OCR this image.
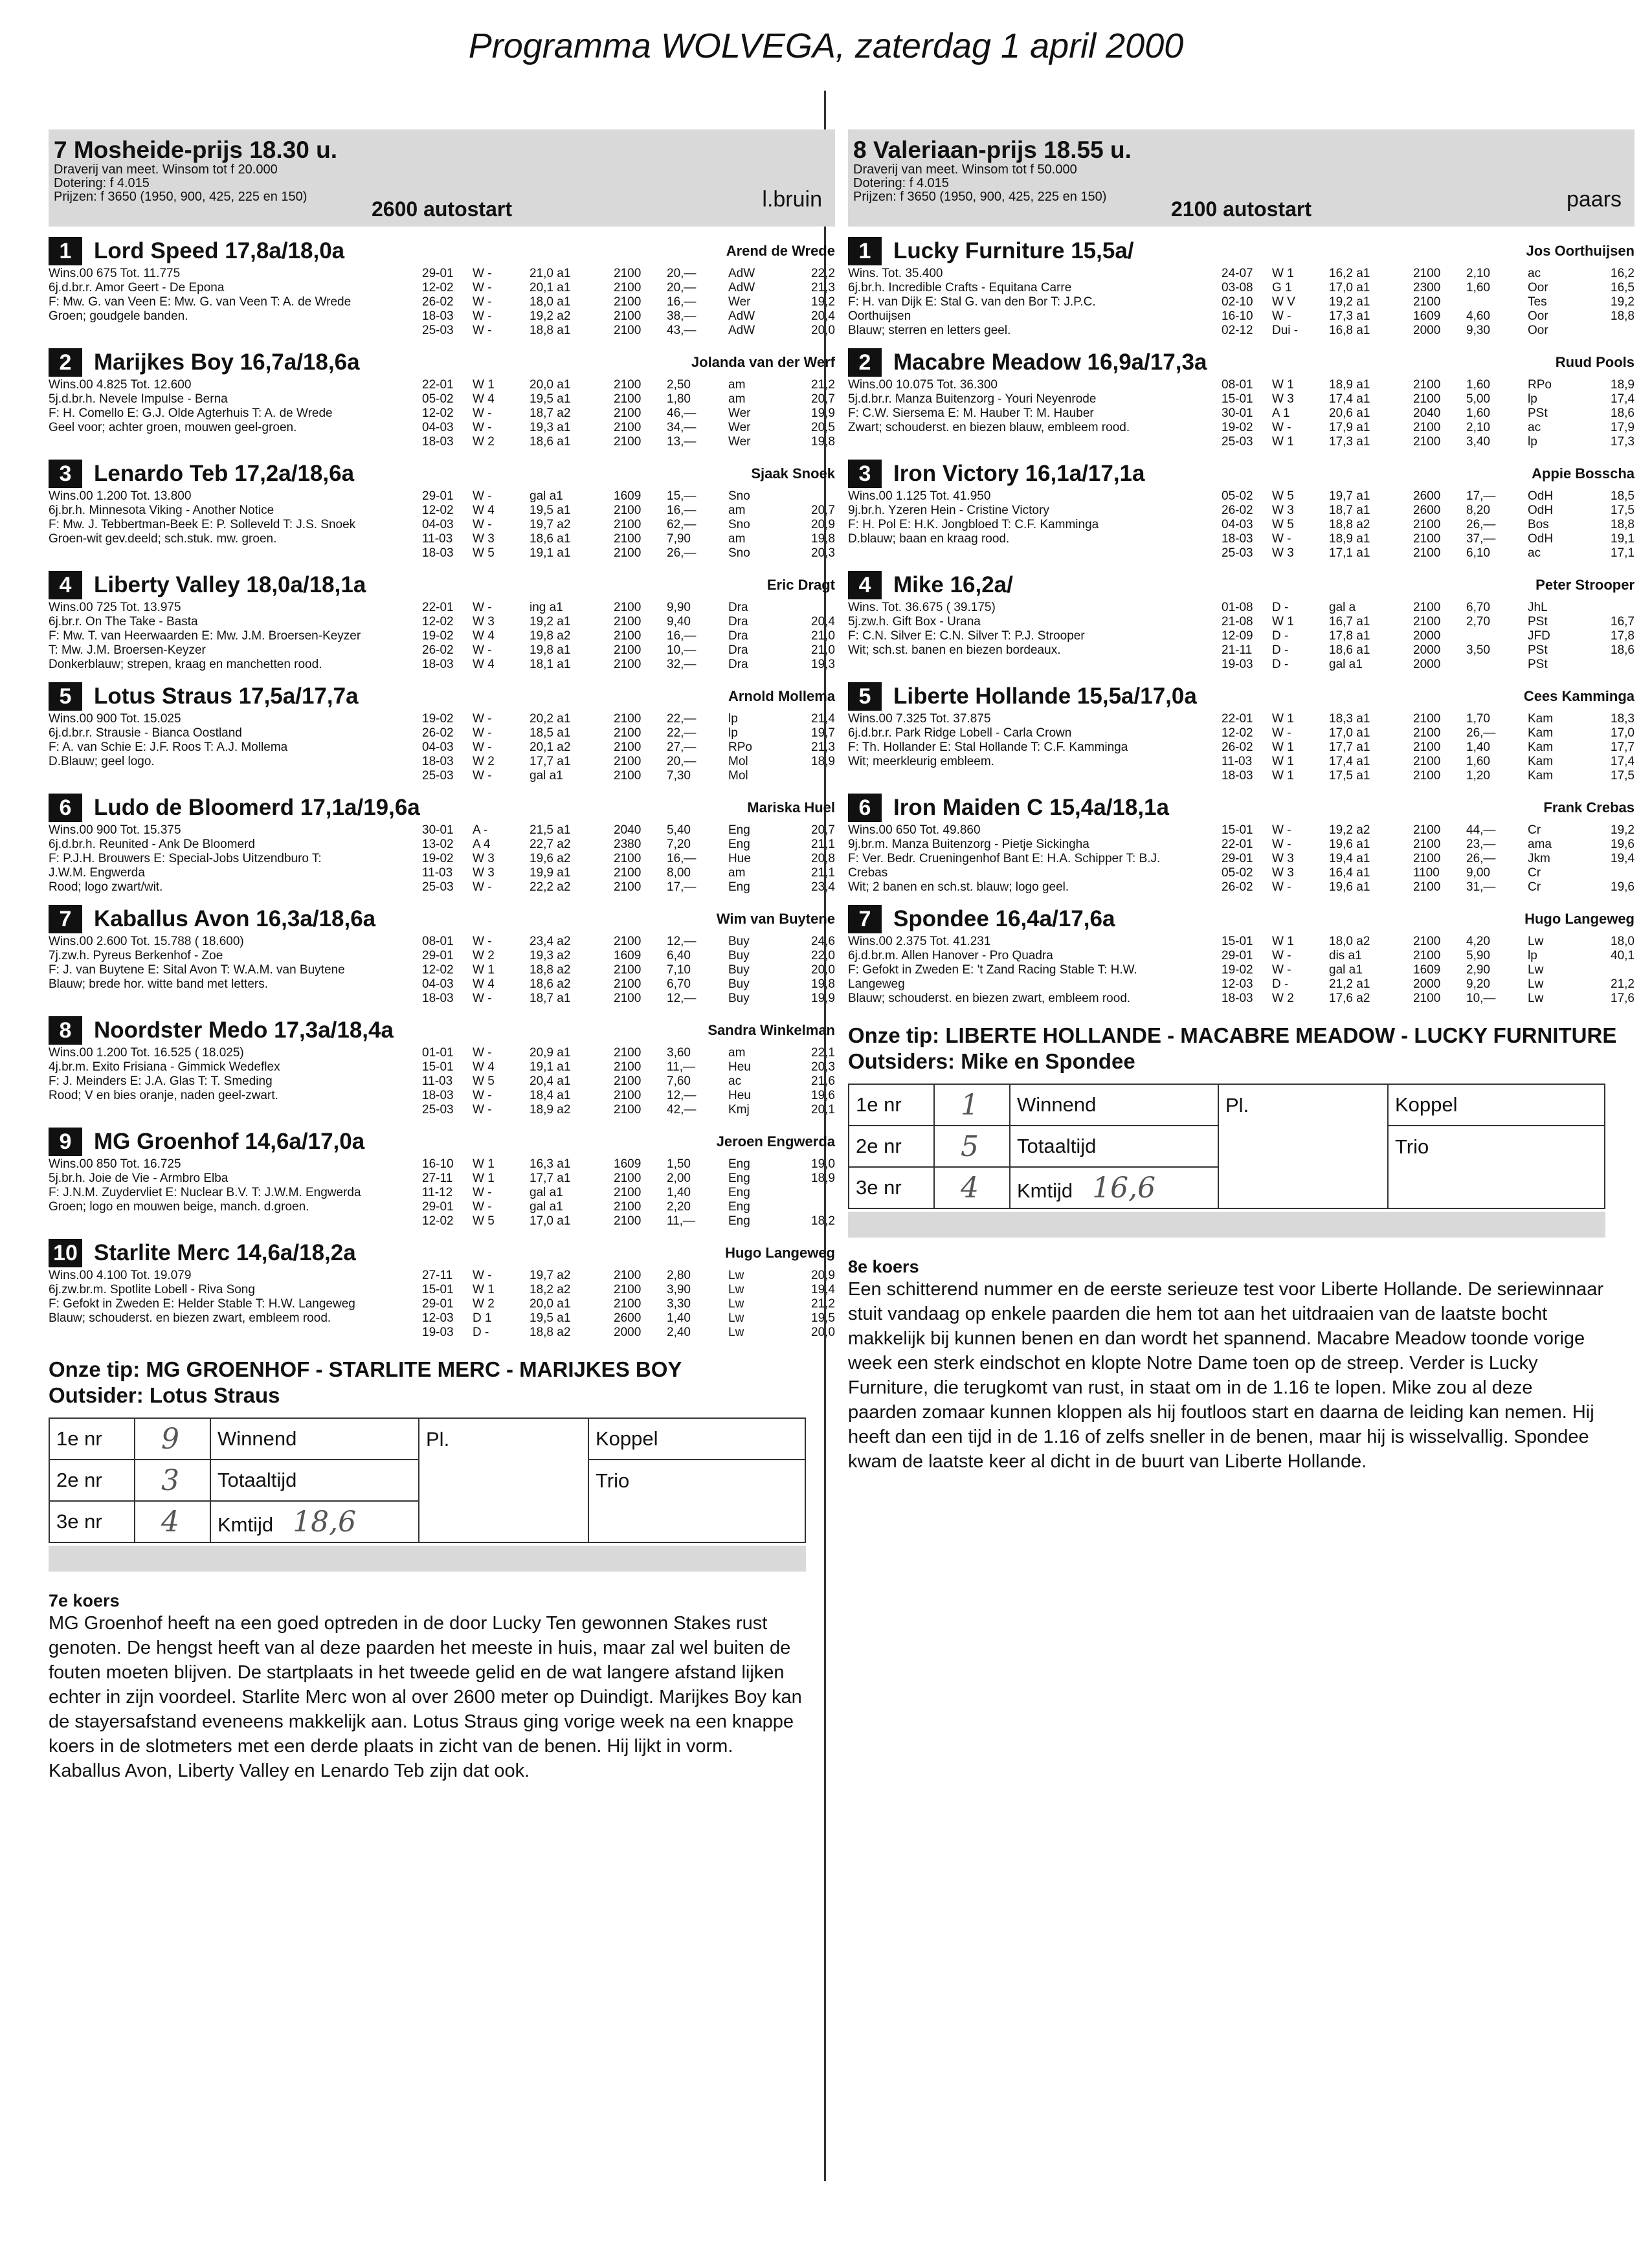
Programma WOLVEGA, zaterdag 1 april 2000
7 Mosheide-prijs 18.30 u.
Draverij van meet. Winsom tot f 20.000
Dotering: f 4.015
Prijzen: f 3650 (1950, 900, 425, 225 en 150)
2600 autostart	l.bruin
1 Lord Speed 17,8a/18,0a	Arend de Wrede
Wins.00 675 Tot. 11.775
6j.d.br.r. Amor Geert - De Epona
F: Mw. G. van Veen E: Mw. G. van Veen T: A. de Wrede
Groen; goudgele banden.
29-01	W -	21,0 a1	2100	20,—	AdW	22,2
12-02	W -	20,1 a1	2100	20,—	AdW	21,3
26-02	W -	18,0 a1	2100	16,—	Wer	19,2
18-03	W -	19,2 a2	2100	38,—	AdW	20,4
25-03	W -	18,8 a1	2100	43,—	AdW	20,0
2 Marijkes Boy 16,7a/18,6a	Jolanda van der Werf
Wins.00 4.825 Tot. 12.600
5j.d.br.h. Nevele Impulse - Berna
F: H. Comello E: G.J. Olde Agterhuis T: A. de Wrede
Geel voor; achter groen, mouwen geel-groen.
22-01	W 1	20,0 a1	2100	2,50	am	21,2
05-02	W 4	19,5 a1	2100	1,80	am	20,7
12-02	W -	18,7 a2	2100	46,—	Wer	19,9
04-03	W -	19,3 a1	2100	34,—	Wer	20,5
18-03	W 2	18,6 a1	2100	13,—	Wer	19,8
3 Lenardo Teb 17,2a/18,6a	Sjaak Snoek
Wins.00 1.200 Tot. 13.800
6j.br.h. Minnesota Viking - Another Notice
F: Mw. J. Tebbertman-Beek E: P. Solleveld T: J.S. Snoek
Groen-wit gev.deeld; sch.stuk. mw. groen.
29-01	W -	gal a1	1609	15,—	Sno
12-02	W 4	19,5 a1	2100	16,—	am	20,7
04-03	W -	19,7 a2	2100	62,—	Sno	20,9
11-03	W 3	18,6 a1	2100	7,90	am	19,8
18-03	W 5	19,1 a1	2100	26,—	Sno	20,3
4 Liberty Valley 18,0a/18,1a	Eric Dragt
Wins.00 725 Tot. 13.975
6j.br.r. On The Take - Basta
F: Mw. T. van Heerwaarden E: Mw. J.M. Broersen-Keyzer
T: Mw. J.M. Broersen-Keyzer
Donkerblauw; strepen, kraag en manchetten rood.
22-01	W -	ing a1	2100	9,90	Dra
12-02	W 3	19,2 a1	2100	9,40	Dra	20,4
19-02	W 4	19,8 a2	2100	16,—	Dra	21,0
26-02	W -	19,8 a1	2100	10,—	Dra	21,0
18-03	W 4	18,1 a1	2100	32,—	Dra	19,3
5 Lotus Straus 17,5a/17,7a	Arnold Mollema
Wins.00 900 Tot. 15.025
6j.d.br.r. Strausie - Bianca Oostland
F: A. van Schie E: J.F. Roos T: A.J. Mollema
D.Blauw; geel logo.
19-02	W -	20,2 a1	2100	22,—	lp	21,4
26-02	W -	18,5 a1	2100	22,—	lp	19,7
04-03	W -	20,1 a2	2100	27,—	RPo	21,3
18-03	W 2	17,7 a1	2100	20,—	Mol	18,9
25-03	W -	gal a1	2100	7,30	Mol
6 Ludo de Bloomerd 17,1a/19,6a	Mariska Huel
Wins.00 900 Tot. 15.375
6j.d.br.h. Reunited - Ank De Bloomerd
F: P.J.H. Brouwers E: Special-Jobs Uitzendburo T:
J.W.M. Engwerda
Rood; logo zwart/wit.
30-01	A -	21,5 a1	2040	5,40	Eng	20,7
13-02	A 4	22,7 a2	2380	7,20	Eng	21,1
19-02	W 3	19,6 a2	2100	16,—	Hue	20,8
11-03	W 3	19,9 a1	2100	8,00	am	21,1
25-03	W -	22,2 a2	2100	17,—	Eng	23,4
7 Kaballus Avon 16,3a/18,6a	Wim van Buytene
Wins.00 2.600 Tot. 15.788 ( 18.600)
7j.zw.h. Pyreus Berkenhof - Zoe
F: J. van Buytene E: Sital Avon T: W.A.M. van Buytene
Blauw; brede hor. witte band met letters.
08-01	W -	23,4 a2	2100	12,—	Buy	24,6
29-01	W 2	19,3 a2	1609	6,40	Buy	22,0
12-02	W 1	18,8 a2	2100	7,10	Buy	20,0
04-03	W 4	18,6 a2	2100	6,70	Buy	19,8
18-03	W -	18,7 a1	2100	12,—	Buy	19,9
8 Noordster Medo 17,3a/18,4a	Sandra Winkelman
Wins.00 1.200 Tot. 16.525 ( 18.025)
4j.br.m. Exito Frisiana - Gimmick Wedeflex
F: J. Meinders E: J.A. Glas T: T. Smeding
Rood; V en bies oranje, naden geel-zwart.
01-01	W -	20,9 a1	2100	3,60	am	22,1
15-01	W 4	19,1 a1	2100	11,—	Heu	20,3
11-03	W 5	20,4 a1	2100	7,60	ac	21,6
18-03	W -	18,4 a1	2100	12,—	Heu	19,6
25-03	W -	18,9 a2	2100	42,—	Kmj	20,1
9 MG Groenhof 14,6a/17,0a	Jeroen Engwerda
Wins.00 850 Tot. 16.725
5j.br.h. Joie de Vie - Armbro Elba
F: J.N.M. Zuydervliet E: Nuclear B.V. T: J.W.M. Engwerda
Groen; logo en mouwen beige, manch. d.groen.
16-10	W 1	16,3 a1	1609	1,50	Eng	19,0
27-11	W 1	17,7 a1	2100	2,00	Eng	18,9
11-12	W -	gal a1	2100	1,40	Eng
29-01	W -	gal a1	2100	2,20	Eng
12-02	W 5	17,0 a1	2100	11,—	Eng	18,2
10 Starlite Merc 14,6a/18,2a	Hugo Langeweg
Wins.00 4.100 Tot. 19.079
6j.zw.br.m. Spotlite Lobell - Riva Song
F: Gefokt in Zweden E: Helder Stable T: H.W. Langeweg
Blauw; schouderst. en biezen zwart, embleem rood.
27-11	W -	19,7 a2	2100	2,80	Lw	20,9
15-01	W 1	18,2 a2	2100	3,90	Lw	19,4
29-01	W 2	20,0 a1	2100	3,30	Lw	21,2
12-03	D 1	19,5 a1	2600	1,40	Lw	19,5
19-03	D -	18,8 a2	2000	2,40	Lw	20,0
Onze tip: MG GROENHOF - STARLITE MERC - MARIJKES BOY
Outsider: Lotus Straus
1e nr	9	Winnend	Pl.	Koppel
2e nr	3	Totaaltijd		Trio
3e nr	4	Kmtijd 18,6		
7e koers
MG Groenhof heeft na een goed optreden in de door Lucky Ten gewonnen Stakes rust genoten. De hengst heeft van al deze paarden het meeste in huis, maar zal wel buiten de fouten moeten blijven. De startplaats in het tweede gelid en de wat langere afstand lijken echter in zijn voordeel. Starlite Merc won al over 2600 meter op Duindigt. Marijkes Boy kan de stayersafstand eveneens makkelijk aan. Lotus Straus ging vorige week na een knappe koers in de slotmeters met een derde plaats in zicht van de benen. Hij lijkt in vorm. Kaballus Avon, Liberty Valley en Lenardo Teb zijn dat ook.
8 Valeriaan-prijs 18.55 u.
Draverij van meet. Winsom tot f 50.000
Dotering: f 4.015
Prijzen: f 3650 (1950, 900, 425, 225 en 150)
2100 autostart	paars
1 Lucky Furniture 15,5a/	Jos Oorthuijsen
Wins. Tot. 35.400
6j.br.h. Incredible Crafts - Equitana Carre
F: H. van Dijk E: Stal G. van den Bor T: J.P.C.
Oorthuijsen
Blauw; sterren en letters geel.
24-07	W 1	16,2 a1	2100	2,10	ac	16,2
03-08	G 1	17,0 a1	2300	1,60	Oor	16,5
02-10	W V	19,2 a1	2100	Tes	19,2
16-10	W -	17,3 a1	1609	4,60	Oor	18,8
02-12	Dui -	16,8 a1	2000	9,30	Oor
2 Macabre Meadow 16,9a/17,3a	Ruud Pools
Wins.00 10.075 Tot. 36.300
5j.d.br.r. Manza Buitenzorg - Youri Neyenrode
F: C.W. Siersema E: M. Hauber T: M. Hauber
Zwart; schouderst. en biezen blauw, embleem rood.
08-01	W 1	18,9 a1	2100	1,60	RPo	18,9
15-01	W 3	17,4 a1	2100	5,00	lp	17,4
30-01	A 1	20,6 a1	2040	1,60	PSt	18,6
19-02	W -	17,9 a1	2100	2,10	ac	17,9
25-03	W 1	17,3 a1	2100	3,40	lp	17,3
3 Iron Victory 16,1a/17,1a	Appie Bosscha
Wins.00 1.125 Tot. 41.950
9j.br.h. Yzeren Hein - Cristine Victory
F: H. Pol E: H.K. Jongbloed T: C.F. Kamminga
D.blauw; baan en kraag rood.
05-02	W 5	19,7 a1	2600	17,—	OdH	18,5
26-02	W 3	18,7 a1	2600	8,20	OdH	17,5
04-03	W 5	18,8 a2	2100	26,—	Bos	18,8
18-03	W -	18,9 a1	2100	37,—	OdH	19,1
25-03	W 3	17,1 a1	2100	6,10	ac	17,1
4 Mike 16,2a/	Peter Strooper
Wins. Tot. 36.675 ( 39.175)
5j.zw.h. Gift Box - Urana
F: C.N. Silver E: C.N. Silver T: P.J. Strooper
Wit; sch.st. banen en biezen bordeaux.
01-08	D -	gal a	2100	6,70	JhL
21-08	W 1	16,7 a1	2100	2,70	PSt	16,7
12-09	D -	17,8 a1	2000	JFD	17,8
21-11	D -	18,6 a1	2000	3,50	PSt	18,6
19-03	D -	gal a1	2000	PSt
5 Liberte Hollande 15,5a/17,0a	Cees Kamminga
Wins.00 7.325 Tot. 37.875
6j.d.br.r. Park Ridge Lobell - Carla Crown
F: Th. Hollander E: Stal Hollande T: C.F. Kamminga
Wit; meerkleurig embleem.
22-01	W 1	18,3 a1	2100	1,70	Kam	18,3
12-02	W -	17,0 a1	2100	26,—	Kam	17,0
26-02	W 1	17,7 a1	2100	1,40	Kam	17,7
11-03	W 1	17,4 a1	2100	1,60	Kam	17,4
18-03	W 1	17,5 a1	2100	1,20	Kam	17,5
6 Iron Maiden C 15,4a/18,1a	Frank Crebas
Wins.00 650 Tot. 49.860
9j.br.m. Manza Buitenzorg - Pietje Sickingha
F: Ver. Bedr. Crueningenhof Bant E: H.A. Schipper T: B.J.
Crebas
Wit; 2 banen en sch.st. blauw; logo geel.
15-01	W -	19,2 a2	2100	44,—	Cr	19,2
22-01	W -	19,6 a1	2100	23,—	ama	19,6
29-01	W 3	19,4 a1	2100	26,—	Jkm	19,4
05-02	W 3	16,4 a1	1100	9,00	Cr
26-02	W -	19,6 a1	2100	31,—	Cr	19,6
7 Spondee 16,4a/17,6a	Hugo Langeweg
Wins.00 2.375 Tot. 41.231
6j.d.br.m. Allen Hanover - Pro Quadra
F: Gefokt in Zweden E: 't Zand Racing Stable T: H.W.
Langeweg
Blauw; schouderst. en biezen zwart, embleem rood.
15-01	W 1	18,0 a2	2100	4,20	Lw	18,0
29-01	W -	dis a1	2100	5,90	lp	40,1
19-02	W -	gal a1	1609	2,90	Lw
12-03	D -	21,2 a1	2000	9,20	Lw	21,2
18-03	W 2	17,6 a2	2100	10,—	Lw	17,6
Onze tip: LIBERTE HOLLANDE - MACABRE MEADOW - LUCKY FURNITURE
Outsiders: Mike en Spondee
1e nr	1	Winnend	Pl.	Koppel
2e nr	5	Totaaltijd		Trio
3e nr	4	Kmtijd 16,6		
8e koers
Een schitterend nummer en de eerste serieuze test voor Liberte Hollande. De seriewinnaar stuit vandaag op enkele paarden die hem tot aan het uitdraaien van de laatste bocht makkelijk bij kunnen benen en dan wordt het spannend. Macabre Meadow toonde vorige week een sterk eindschot en klopte Notre Dame toen op de streep. Verder is Lucky Furniture, die terugkomt van rust, in staat om in de 1.16 te lopen. Mike zou al deze paarden zomaar kunnen kloppen als hij foutloos start en daarna de leiding kan nemen. Hij heeft dan een tijd in de 1.16 of zelfs sneller in de benen, maar hij is wisselvallig. Spondee kwam de laatste keer al dicht in de buurt van Liberte Hollande.
